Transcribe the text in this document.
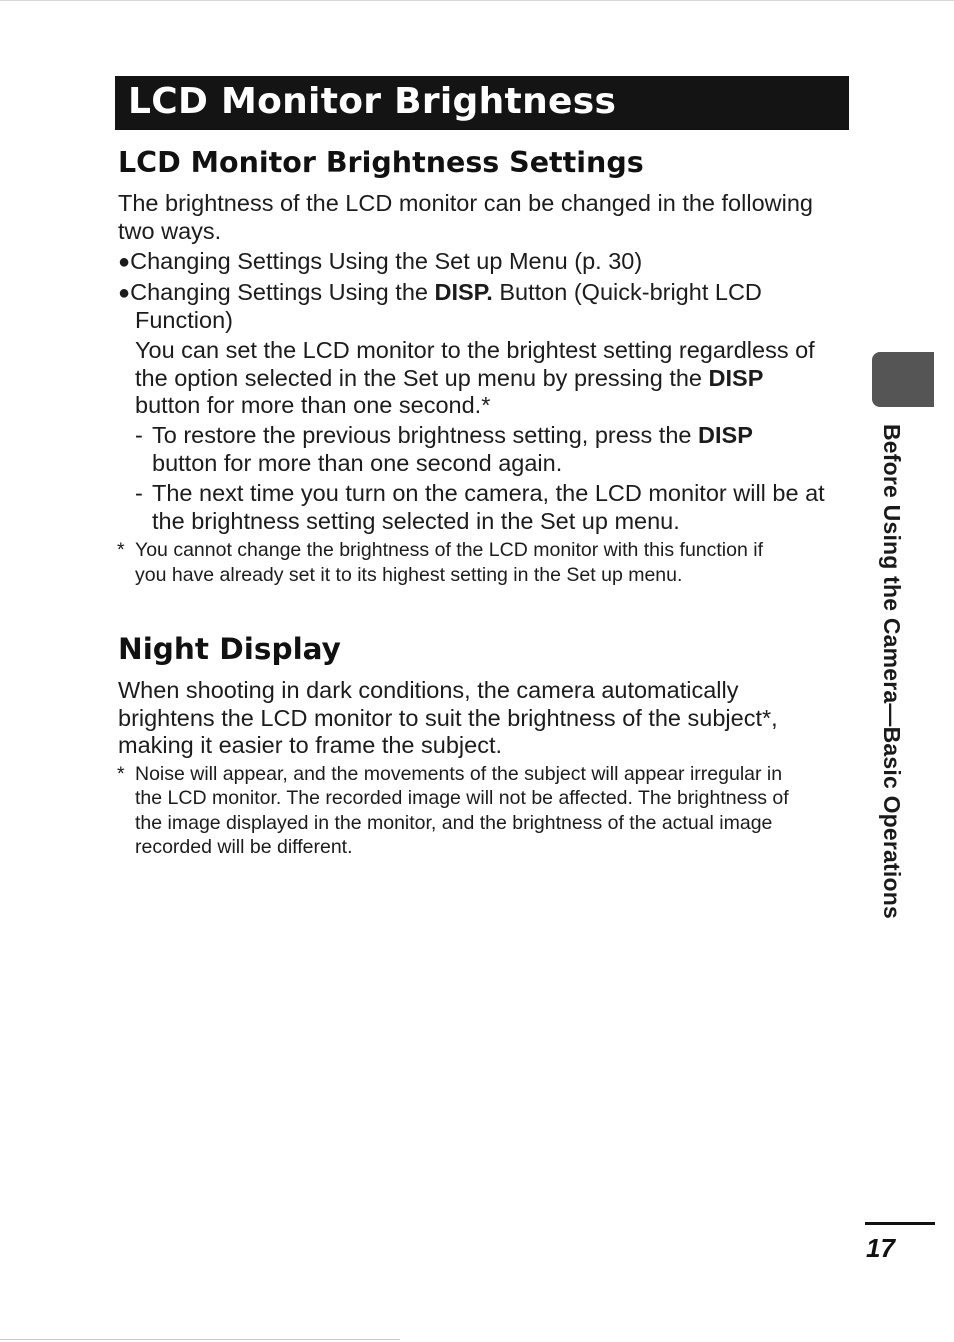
LCD Monitor Brightness
LCD Monitor Brightness Settings
The brightness of the LCD monitor can be changed in the following
two ways.
●Changing Settings Using the Set up Menu (p. 30)
●Changing Settings Using the DISP. Button (Quick-bright LCD
Function)
You can set the LCD monitor to the brightest setting regardless of
the option selected in the Set up menu by pressing the DISP
button for more than one second.*
- To restore the previous brightness setting, press the DISP
button for more than one second again.
- The next time you turn on the camera, the LCD monitor will be at
the brightness setting selected in the Set up menu.
* You cannot change the brightness of the LCD monitor with this function if
you have already set it to its highest setting in the Set up menu.
Night Display
When shooting in dark conditions, the camera automatically
brightens the LCD monitor to suit the brightness of the subject*,
making it easier to frame the subject.
* Noise will appear, and the movements of the subject will appear irregular in
the LCD monitor. The recorded image will not be affected. The brightness of
the image displayed in the monitor, and the brightness of the actual image
recorded will be different.	Before Using the Camera—Basic Operations
17
